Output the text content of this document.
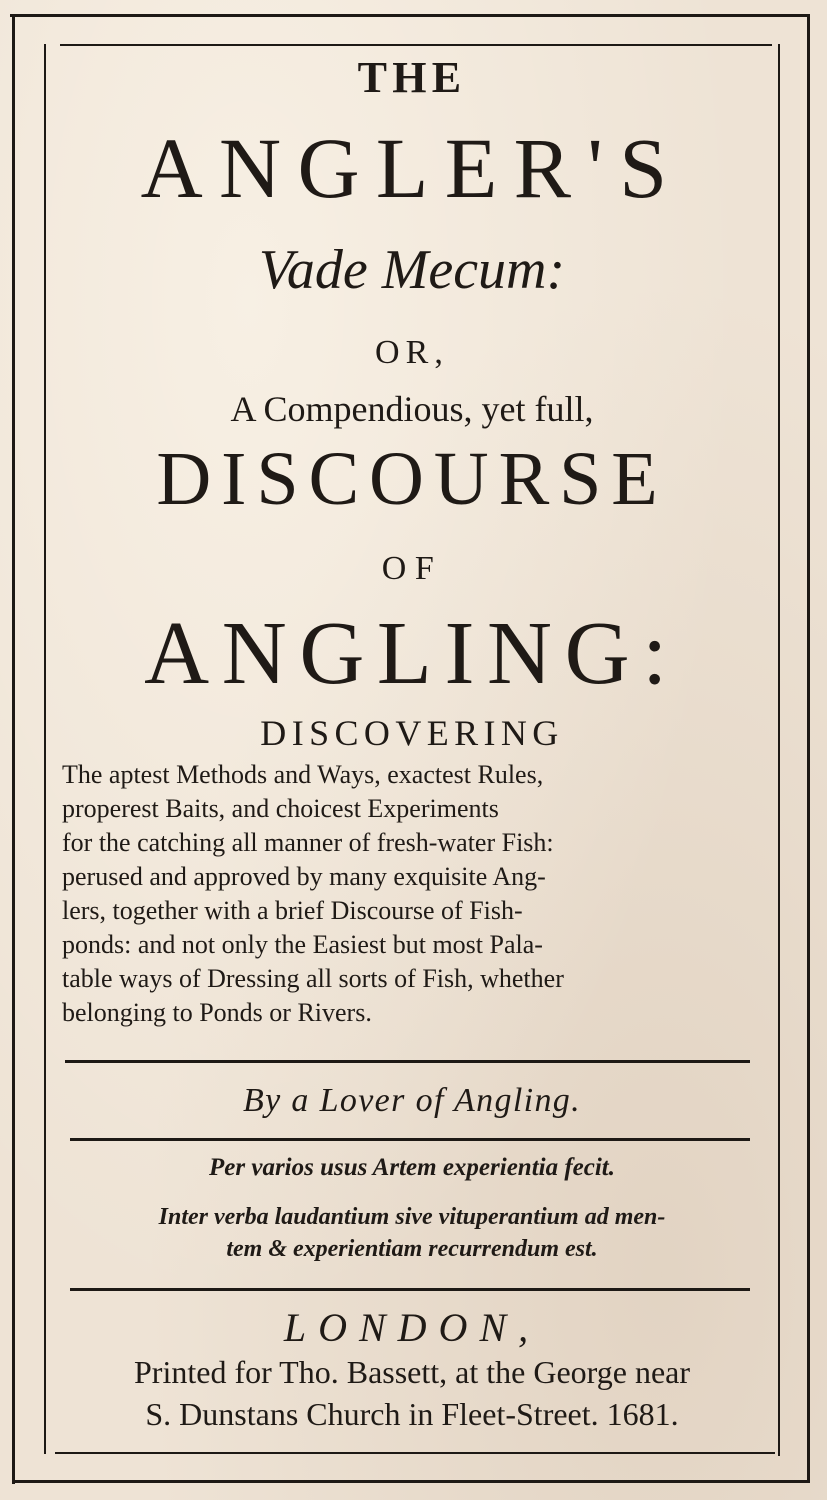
THE
ANGLER'S
Vade Mecum:
OR,
A Compendious, yet full,
DISCOURSE
OF
ANGLING:
DISCOVERING
The aptest Methods and Ways, exactest Rules,
properest Baits, and choicest Experiments
for the catching all manner of fresh-water Fish:
perused and approved by many exquisite Ang-
lers, together with a brief Discourse of Fish-
ponds: and not only the Easiest but most Pala-
table ways of Dressing all sorts of Fish, whether
belonging to Ponds or Rivers.
By a Lover of Angling.
Per varios usus Artem experientia fecit.
Inter verba laudantium sive vituperantium ad men-
tem & experientiam recurrendum est.
LONDON,
Printed for Tho. Bassett, at the George near
S. Dunstans Church in Fleet-Street. 1681.
